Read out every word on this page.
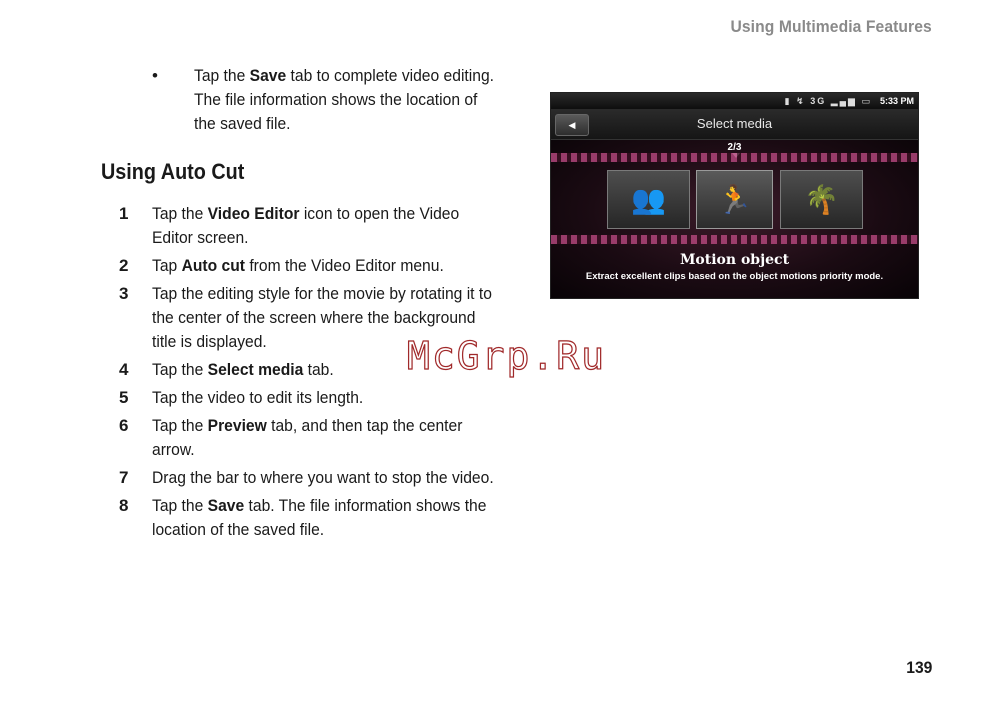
Using Multimedia Features
• Tap the Save tab to complete video editing. The file information shows the location of the saved file.
Using Auto Cut
1 Tap the Video Editor icon to open the Video Editor screen.
2 Tap Auto cut from the Video Editor menu.
3 Tap the editing style for the movie by rotating it to the center of the screen where the background title is displayed.
4 Tap the Select media tab.
5 Tap the video to edit its length.
6 Tap the Preview tab, and then tap the center arrow.
7 Drag the bar to where you want to stop the video.
8 Tap the Save tab. The file information shows the location of the saved file.
McGrp.Ru
139
▮ ↯ 3G ▂▄▆ ▭ 5:33 PM
Select media
◀
2/3
👥	🏃	🌴
Motion object
Extract excellent clips based on the object motions priority mode.
